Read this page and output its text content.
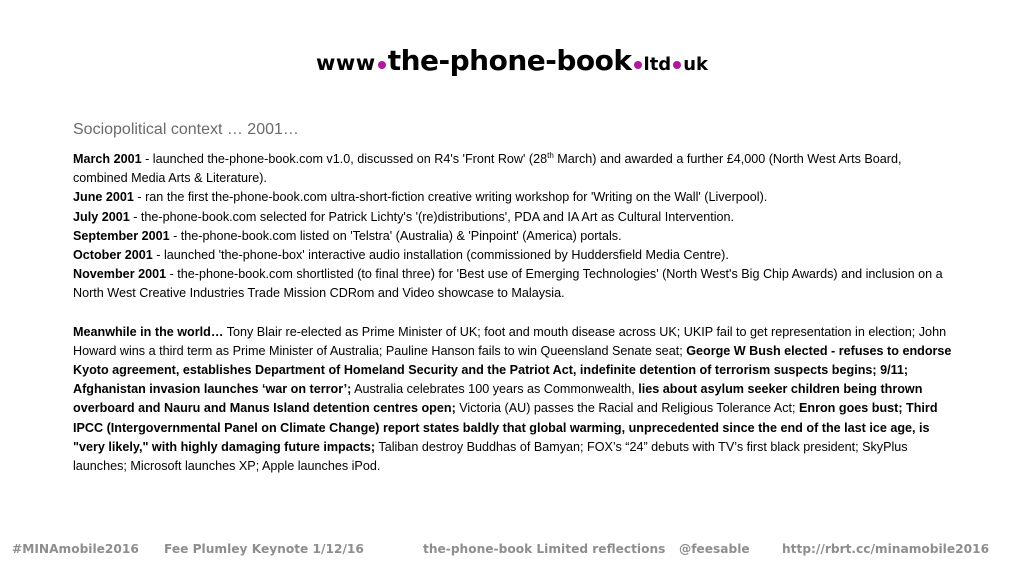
www the-phone-book ltd uk
Sociopolitical context … 2001…

March 2001 - launched the-phone-book.com v1.0, discussed on R4's 'Front Row' (28th March) and awarded a further £4,000 (North West Arts Board, combined Media Arts & Literature).

June 2001 - ran the first the-phone-book.com ultra-short-fiction creative writing workshop for 'Writing on the Wall' (Liverpool).

July 2001 - the-phone-book.com selected for Patrick Lichty's '(re)distributions', PDA and IA Art as Cultural Intervention.

September 2001 - the-phone-book.com listed on 'Telstra' (Australia) & 'Pinpoint' (America) portals.

October 2001 - launched 'the-phone-box' interactive audio installation (commissioned by Huddersfield Media Centre).

November 2001 - the-phone-book.com shortlisted (to final three) for 'Best use of Emerging Technologies' (North West's Big Chip Awards) and inclusion on a North West Creative Industries Trade Mission CDRom and Video showcase to Malaysia.

Meanwhile in the world… Tony Blair re-elected as Prime Minister of UK; foot and mouth disease across UK; UKIP fail to get representation in election; John Howard wins a third term as Prime Minister of Australia; Pauline Hanson fails to win Queensland Senate seat; George W Bush elected - refuses to endorse Kyoto agreement, establishes Department of Homeland Security and the Patriot Act, indefinite detention of terrorism suspects begins; 9/11; Afghanistan invasion launches ‘war on terror’; Australia celebrates 100 years as Commonwealth, lies about asylum seeker children being thrown overboard and Nauru and Manus Island detention centres open; Victoria (AU) passes the Racial and Religious Tolerance Act; Enron goes bust; Third IPCC (Intergovernmental Panel on Climate Change) report states baldly that global warming, unprecedented since the end of the last ice age, is "very likely," with highly damaging future impacts; Taliban destroy Buddhas of Bamyan; FOX’s “24” debuts with TV’s first black president; SkyPlus launches; Microsoft launches XP; Apple launches iPod.

#MINAmobile2016 Fee Plumley Keynote 1/12/16	the-phone-book Limited reflections @feesable	http://rbrt.cc/minamobile2016
